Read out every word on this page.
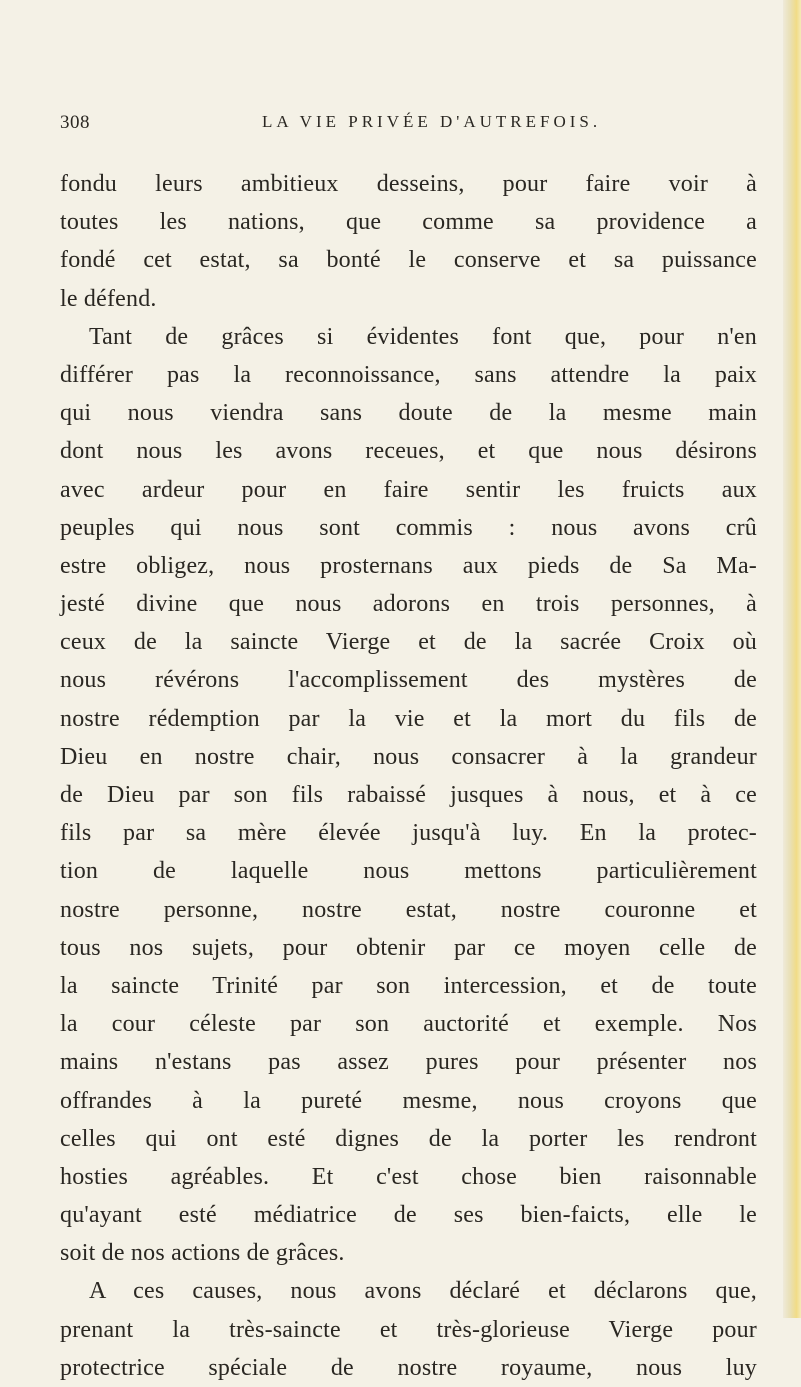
308	LA VIE PRIVÉE D'AUTREFOIS.
fondu leurs ambitieux desseins, pour faire voir à
toutes les nations, que comme sa providence a
fondé cet estat, sa bonté le conserve et sa puissance
le défend.
Tant de grâces si évidentes font que, pour n'en
différer pas la reconnoissance, sans attendre la paix
qui nous viendra sans doute de la mesme main
dont nous les avons receues, et que nous désirons
avec ardeur pour en faire sentir les fruicts aux
peuples qui nous sont commis : nous avons crû
estre obligez, nous prosternans aux pieds de Sa Ma-
jesté divine que nous adorons en trois personnes, à
ceux de la saincte Vierge et de la sacrée Croix où
nous révérons l'accomplissement des mystères de
nostre rédemption par la vie et la mort du fils de
Dieu en nostre chair, nous consacrer à la grandeur
de Dieu par son fils rabaissé jusques à nous, et à ce
fils par sa mère élevée jusqu'à luy. En la protec-
tion de laquelle nous mettons particulièrement
nostre personne, nostre estat, nostre couronne et
tous nos sujets, pour obtenir par ce moyen celle de
la saincte Trinité par son intercession, et de toute
la cour céleste par son auctorité et exemple. Nos
mains n'estans pas assez pures pour présenter nos
offrandes à la pureté mesme, nous croyons que
celles qui ont esté dignes de la porter les rendront
hosties agréables. Et c'est chose bien raisonnable
qu'ayant esté médiatrice de ses bien-faicts, elle le
soit de nos actions de grâces.
A ces causes, nous avons déclaré et déclarons que,
prenant la très-saincte et très-glorieuse Vierge pour
protectrice spéciale de nostre royaume, nous luy
